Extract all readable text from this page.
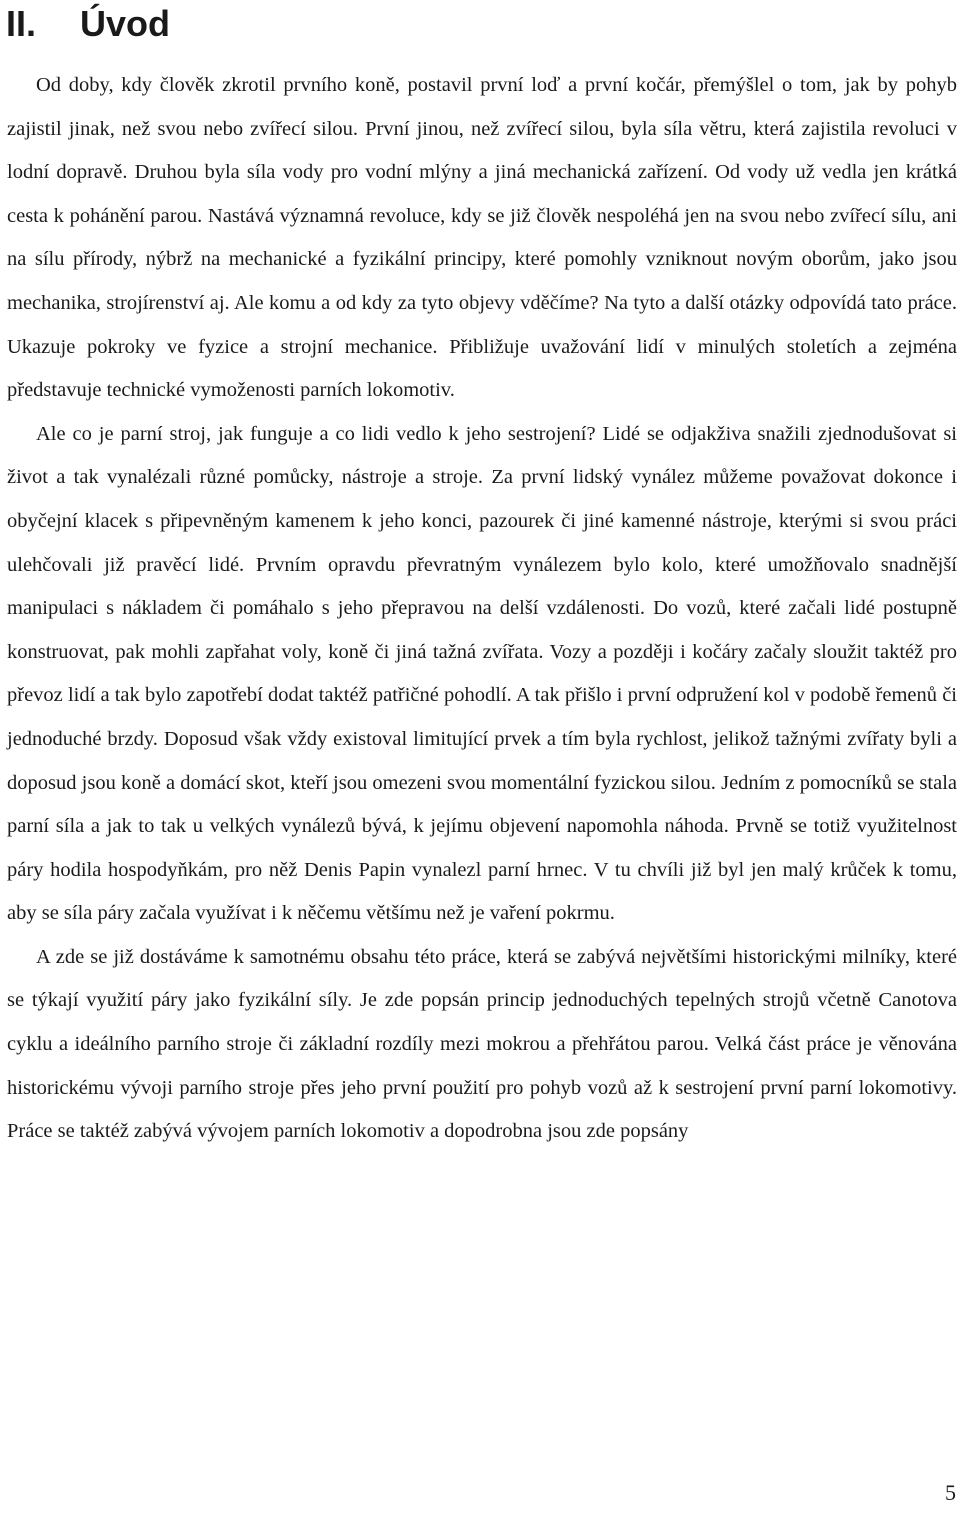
II. Úvod

Od doby, kdy člověk zkrotil prvního koně, postavil první loď a první kočár, přemýšlel o tom, jak by pohyb zajistil jinak, než svou nebo zvířecí silou. První jinou, než zvířecí silou, byla síla větru, která zajistila revoluci v lodní dopravě. Druhou byla síla vody pro vodní mlýny a jiná mechanická zařízení. Od vody už vedla jen krátká cesta k pohánění parou. Nastává významná revoluce, kdy se již člověk nespoléhá jen na svou nebo zvířecí sílu, ani na sílu přírody, nýbrž na mechanické a fyzikální principy, které pomohly vzniknout novým oborům, jako jsou mechanika, strojírenství aj. Ale komu a od kdy za tyto objevy vděčíme? Na tyto a další otázky odpovídá tato práce. Ukazuje pokroky ve fyzice a strojní mechanice. Přibližuje uvažování lidí v minulých stoletích a zejména představuje technické vymoženosti parních lokomotiv.

Ale co je parní stroj, jak funguje a co lidi vedlo k jeho sestrojení? Lidé se odjakživa snažili zjednodušovat si život a tak vynalézali různé pomůcky, nástroje a stroje. Za první lidský vynález můžeme považovat dokonce i obyčejní klacek s připevněným kamenem k jeho konci, pazourek či jiné kamenné nástroje, kterými si svou práci ulehčovali již pravěcí lidé. Prvním opravdu převratným vynálezem bylo kolo, které umožňovalo snadnější manipulaci s nákladem či pomáhalo s jeho přepravou na delší vzdálenosti. Do vozů, které začali lidé postupně konstruovat, pak mohli zapřahat voly, koně či jiná tažná zvířata. Vozy a později i kočáry začaly sloužit taktéž pro převoz lidí a tak bylo zapotřebí dodat taktéž patřičné pohodlí. A tak přišlo i první odpružení kol v podobě řemenů či jednoduché brzdy. Doposud však vždy existoval limitující prvek a tím byla rychlost, jelikož tažnými zvířaty byli a doposud jsou koně a domácí skot, kteří jsou omezeni svou momentální fyzickou silou. Jedním z pomocníků se stala parní síla a jak to tak u velkých vynálezů bývá, k jejímu objevení napomohla náhoda. Prvně se totiž využitelnost páry hodila hospodyňkám, pro něž Denis Papin vynalezl parní hrnec. V tu chvíli již byl jen malý krůček k tomu, aby se síla páry začala využívat i k něčemu většímu než je vaření pokrmu.

A zde se již dostáváme k samotnému obsahu této práce, která se zabývá největšími historickými milníky, které se týkají využití páry jako fyzikální síly. Je zde popsán princip jednoduchých tepelných strojů včetně Canotova cyklu a ideálního parního stroje či základní rozdíly mezi mokrou a přehřátou parou. Velká část práce je věnována historickému vývoji parního stroje přes jeho první použití pro pohyb vozů až k sestrojení první parní lokomotivy. Práce se taktéž zabývá vývojem parních lokomotiv a dopodrobna jsou zde popsány

5
